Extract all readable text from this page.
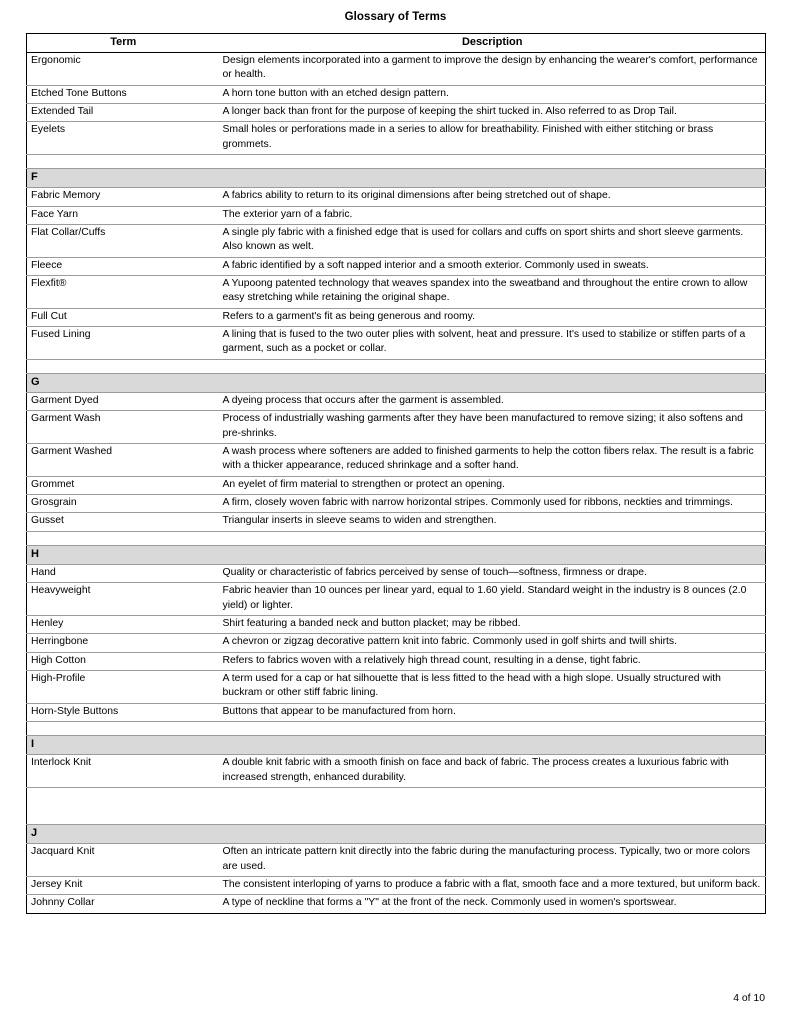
Glossary of Terms
Term	Description
Ergonomic	Design elements incorporated into a garment to improve the design by enhancing the wearer's comfort, performance or health.
Etched Tone Buttons	A horn tone button with an etched design pattern.
Extended Tail	A longer back than front for the purpose of keeping the shirt tucked in. Also referred to as Drop Tail.
Eyelets	Small holes or perforations made in a series to allow for breathability. Finished with either stitching or brass grommets.

F	
Fabric Memory	A fabrics ability to return to its original dimensions after being stretched out of shape.
Face Yarn	The exterior yarn of a fabric.
Flat Collar/Cuffs	A single ply fabric with a finished edge that is used for collars and cuffs on sport shirts and short sleeve garments. Also known as welt.
Fleece	A fabric identified by a soft napped interior and a smooth exterior. Commonly used in sweats.
Flexfit®	A Yupoong patented technology that weaves spandex into the sweatband and throughout the entire crown to allow easy stretching while retaining the original shape.
Full Cut	Refers to a garment's fit as being generous and roomy.
Fused Lining	A lining that is fused to the two outer plies with solvent, heat and pressure. It's used to stabilize or stiffen parts of a garment, such as a pocket or collar.

G	
Garment Dyed	A dyeing process that occurs after the garment is assembled.
Garment Wash	Process of industrially washing garments after they have been manufactured to remove sizing; it also softens and pre-shrinks.
Garment Washed	A wash process where softeners are added to finished garments to help the cotton fibers relax. The result is a fabric with a thicker appearance, reduced shrinkage and a softer hand.
Grommet	An eyelet of firm material to strengthen or protect an opening.
Grosgrain	A firm, closely woven fabric with narrow horizontal stripes. Commonly used for ribbons, neckties and trimmings.
Gusset	Triangular inserts in sleeve seams to widen and strengthen.

H	
Hand	Quality or characteristic of fabrics perceived by sense of touch—softness, firmness or drape.
Heavyweight	Fabric heavier than 10 ounces per linear yard, equal to 1.60 yield. Standard weight in the industry is 8 ounces (2.0 yield) or lighter.
Henley	Shirt featuring a banded neck and button placket; may be ribbed.
Herringbone	A chevron or zigzag decorative pattern knit into fabric. Commonly used in golf shirts and twill shirts.
High Cotton	Refers to fabrics woven with a relatively high thread count, resulting in a dense, tight fabric.
High-Profile	A term used for a cap or hat silhouette that is less fitted to the head with a high slope. Usually structured with buckram or other stiff fabric lining.
Horn-Style Buttons	Buttons that appear to be manufactured from horn.

I	
Interlock Knit	A double knit fabric with a smooth finish on face and back of fabric. The process creates a luxurious fabric with increased strength, enhanced durability.

J	
Jacquard Knit	Often an intricate pattern knit directly into the fabric during the manufacturing process. Typically, two or more colors are used.
Jersey Knit	The consistent interloping of yarns to produce a fabric with a flat, smooth face and a more textured, but uniform back.
Johnny Collar	A type of neckline that forms a "Y" at the front of the neck. Commonly used in women's sportswear.
4 of 10
